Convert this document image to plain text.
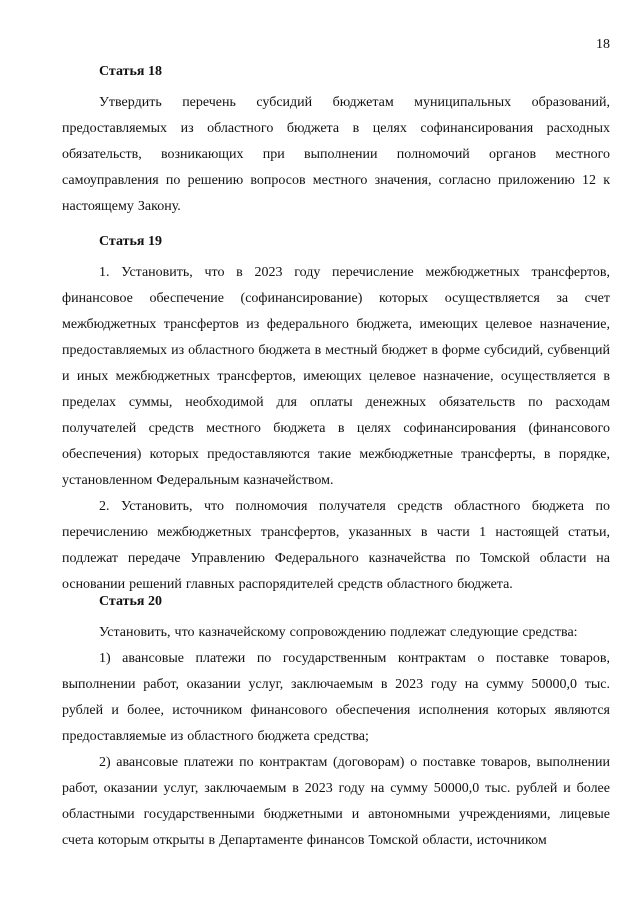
18
Статья 18

Утвердить перечень субсидий бюджетам муниципальных образований, предоставляемых из областного бюджета в целях софинансирования расходных обязательств, возникающих при выполнении полномочий органов местного самоуправления по решению вопросов местного значения, согласно приложению 12 к настоящему Закону.

Статья 19

1. Установить, что в 2023 году перечисление межбюджетных трансфертов, финансовое обеспечение (софинансирование) которых осуществляется за счет межбюджетных трансфертов из федерального бюджета, имеющих целевое назначение, предоставляемых из областного бюджета в местный бюджет в форме субсидий, субвенций и иных межбюджетных трансфертов, имеющих целевое назначение, осуществляется в пределах суммы, необходимой для оплаты денежных обязательств по расходам получателей средств местного бюджета в целях софинансирования (финансового обеспечения) которых предоставляются такие межбюджетные трансферты, в порядке, установленном Федеральным казначейством.

2. Установить, что полномочия получателя средств областного бюджета по перечислению межбюджетных трансфертов, указанных в части 1 настоящей статьи, подлежат передаче Управлению Федерального казначейства по Томской области на основании решений главных распорядителей средств областного бюджета.

Статья 20

Установить, что казначейскому сопровождению подлежат следующие средства:

1) авансовые платежи по государственным контрактам о поставке товаров, выполнении работ, оказании услуг, заключаемым в 2023 году на сумму 50000,0 тыс. рублей и более, источником финансового обеспечения исполнения которых являются предоставляемые из областного бюджета средства;

2) авансовые платежи по контрактам (договорам) о поставке товаров, выполнении работ, оказании услуг, заключаемым в 2023 году на сумму 50000,0 тыс. рублей и более областными государственными бюджетными и автономными учреждениями, лицевые счета которым открыты в Департаменте финансов Томской области, источником
